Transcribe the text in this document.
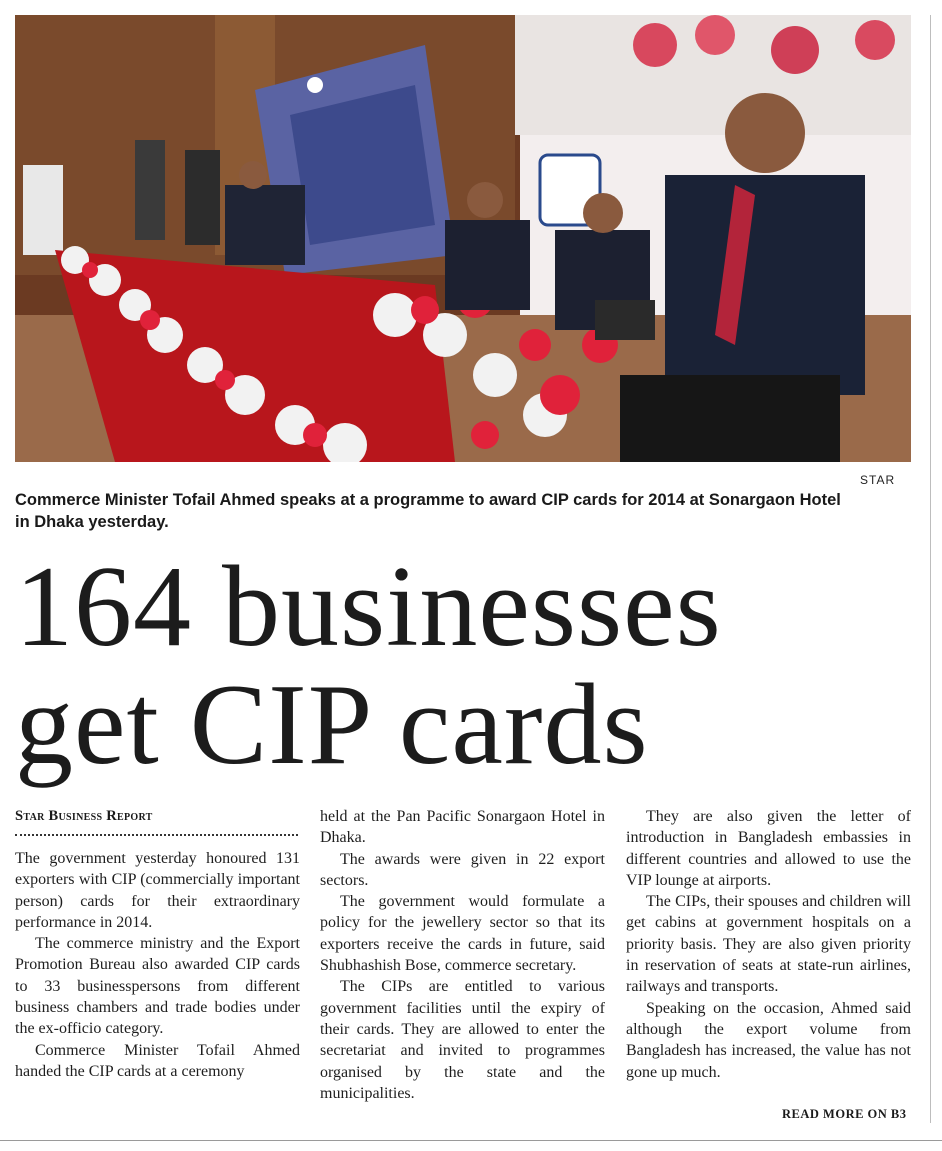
STAR
Commerce Minister Tofail Ahmed speaks at a programme to award CIP cards for 2014 at Sonargaon Hotel in Dhaka yesterday.
164 businesses
get CIP cards
Star Business Report

The government yesterday honoured 131 exporters with CIP (commercially important person) cards for their extraordinary performance in 2014.

The commerce ministry and the Export Promotion Bureau also awarded CIP cards to 33 businesspersons from different business chambers and trade bodies under the ex-officio category.

Commerce Minister Tofail Ahmed handed the CIP cards at a ceremony

held at the Pan Pacific Sonargaon Hotel in Dhaka.

The awards were given in 22 export sectors.

The government would formulate a policy for the jewellery sector so that its exporters receive the cards in future, said Shubhashish Bose, commerce secretary.

The CIPs are entitled to various government facilities until the expiry of their cards. They are allowed to enter the secretariat and invited to programmes organised by the state and the municipalities.

They are also given the letter of introduction in Bangladesh embassies in different countries and allowed to use the VIP lounge at airports.

The CIPs, their spouses and children will get cabins at government hospitals on a priority basis. They are also given priority in reservation of seats at state-run airlines, railways and transports.

Speaking on the occasion, Ahmed said although the export volume from Bangladesh has increased, the value has not gone up much.

READ MORE ON B3
